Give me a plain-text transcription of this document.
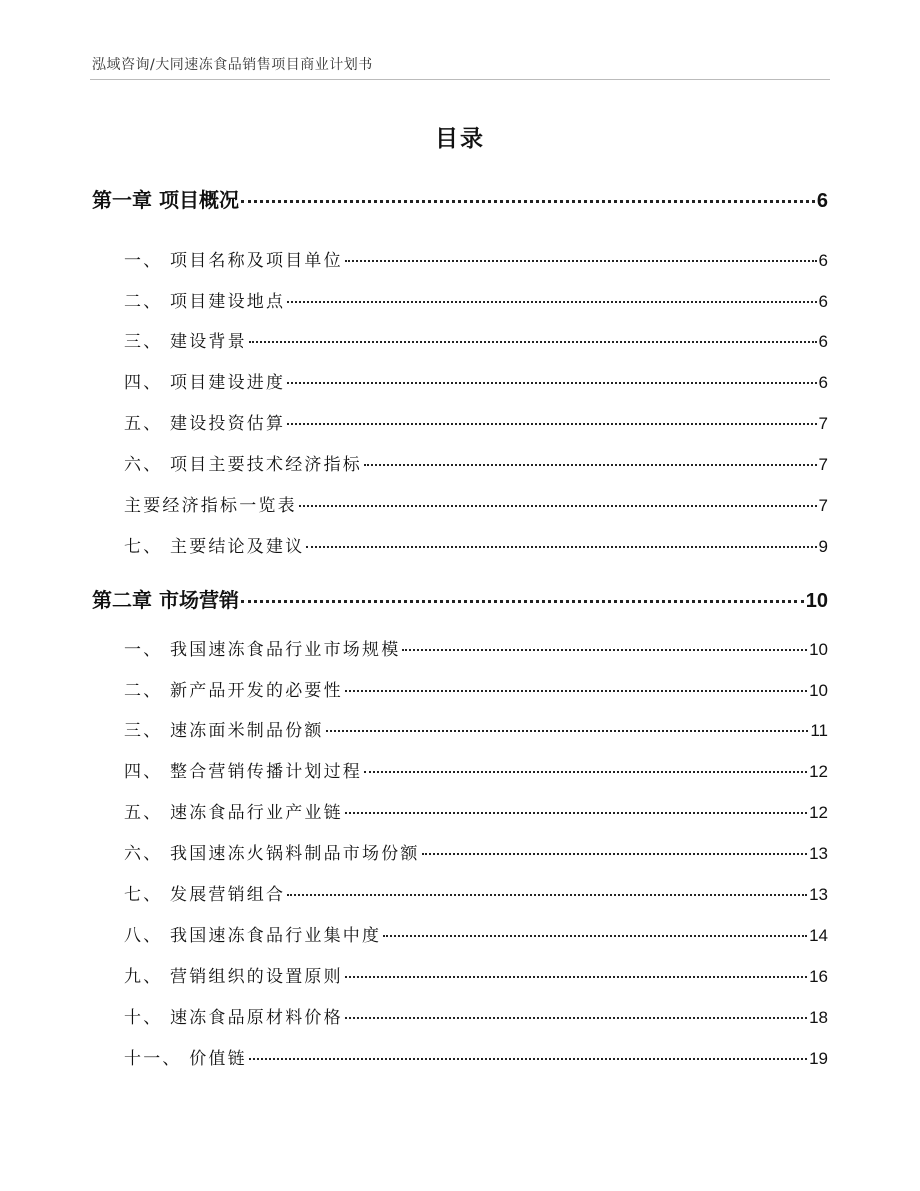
泓域咨询/大同速冻食品销售项目商业计划书
目录
第一章 项目概况	6
一、 项目名称及项目单位	6
二、 项目建设地点	6
三、 建设背景	6
四、 项目建设进度	6
五、 建设投资估算	7
六、 项目主要技术经济指标	7
主要经济指标一览表	7
七、 主要结论及建议	9
第二章 市场营销	10
一、 我国速冻食品行业市场规模	10
二、 新产品开发的必要性	10
三、 速冻面米制品份额	11
四、 整合营销传播计划过程	12
五、 速冻食品行业产业链	12
六、 我国速冻火锅料制品市场份额	13
七、 发展营销组合	13
八、 我国速冻食品行业集中度	14
九、 营销组织的设置原则	16
十、 速冻食品原材料价格	18
十一、 价值链	19
